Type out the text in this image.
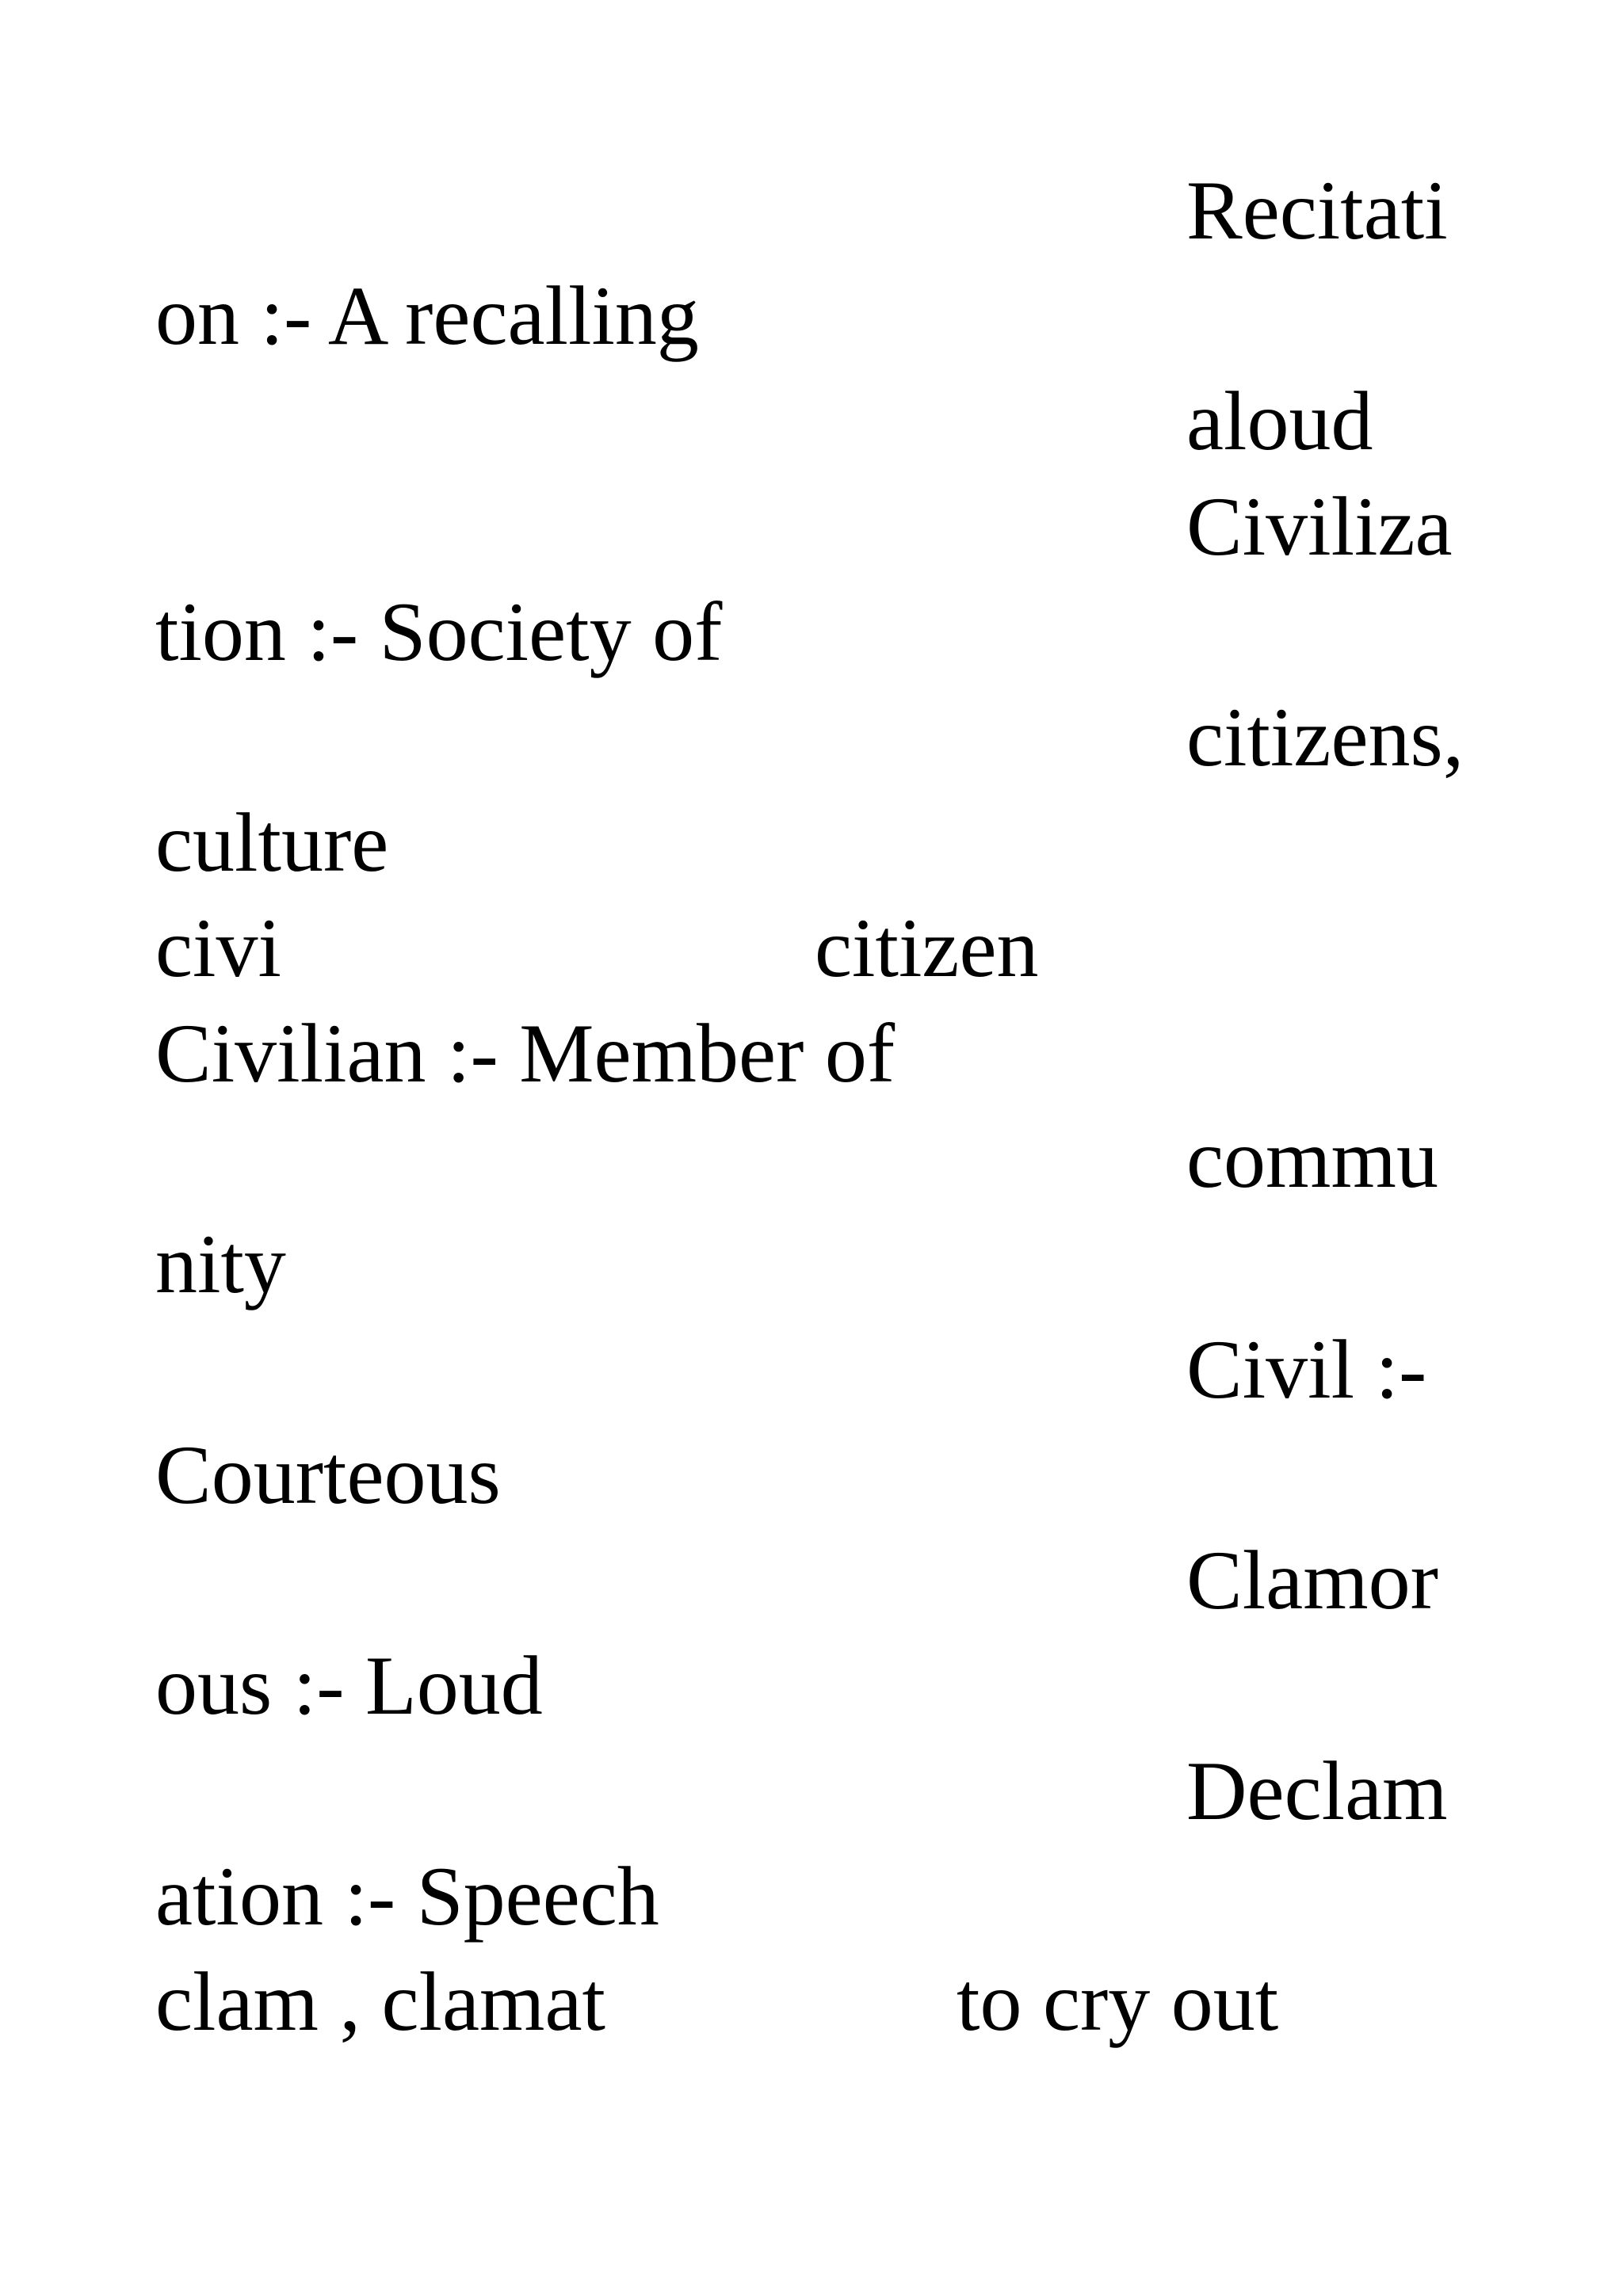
Recitati

on :- A recalling

aloud

Civiliza

tion :- Society of

citizens,

culture

civi	citizen

Civilian :- Member of

commu

nity

Civil :-

Courteous

Clamor

ous :- Loud

Declam

ation :- Speech

clam , clamat	to cry out
